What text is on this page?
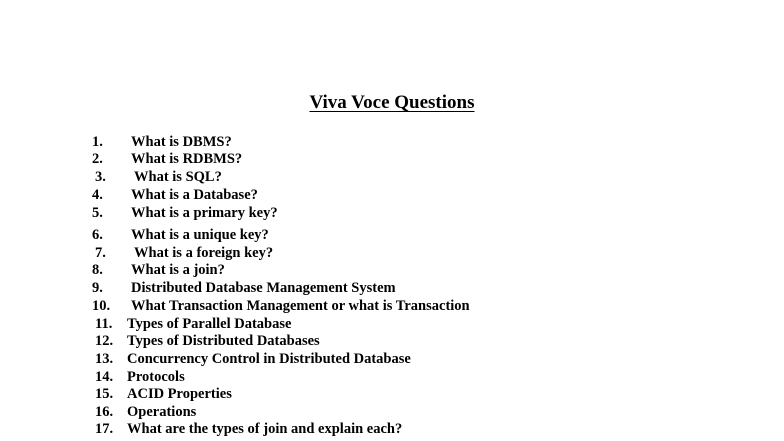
Viva Voce Questions
1. What is DBMS?
2. What is RDBMS?
3. What is SQL?
4. What is a Database?
5. What is a primary key?
6. What is a unique key?
7. What is a foreign key?
8. What is a join?
9. Distributed Database Management System
10. What Transaction Management or what is Transaction
11. Types of Parallel Database
12. Types of Distributed Databases
13. Concurrency Control in Distributed Database
14. Protocols
15. ACID Properties
16. Operations
17. What are the types of join and explain each?
